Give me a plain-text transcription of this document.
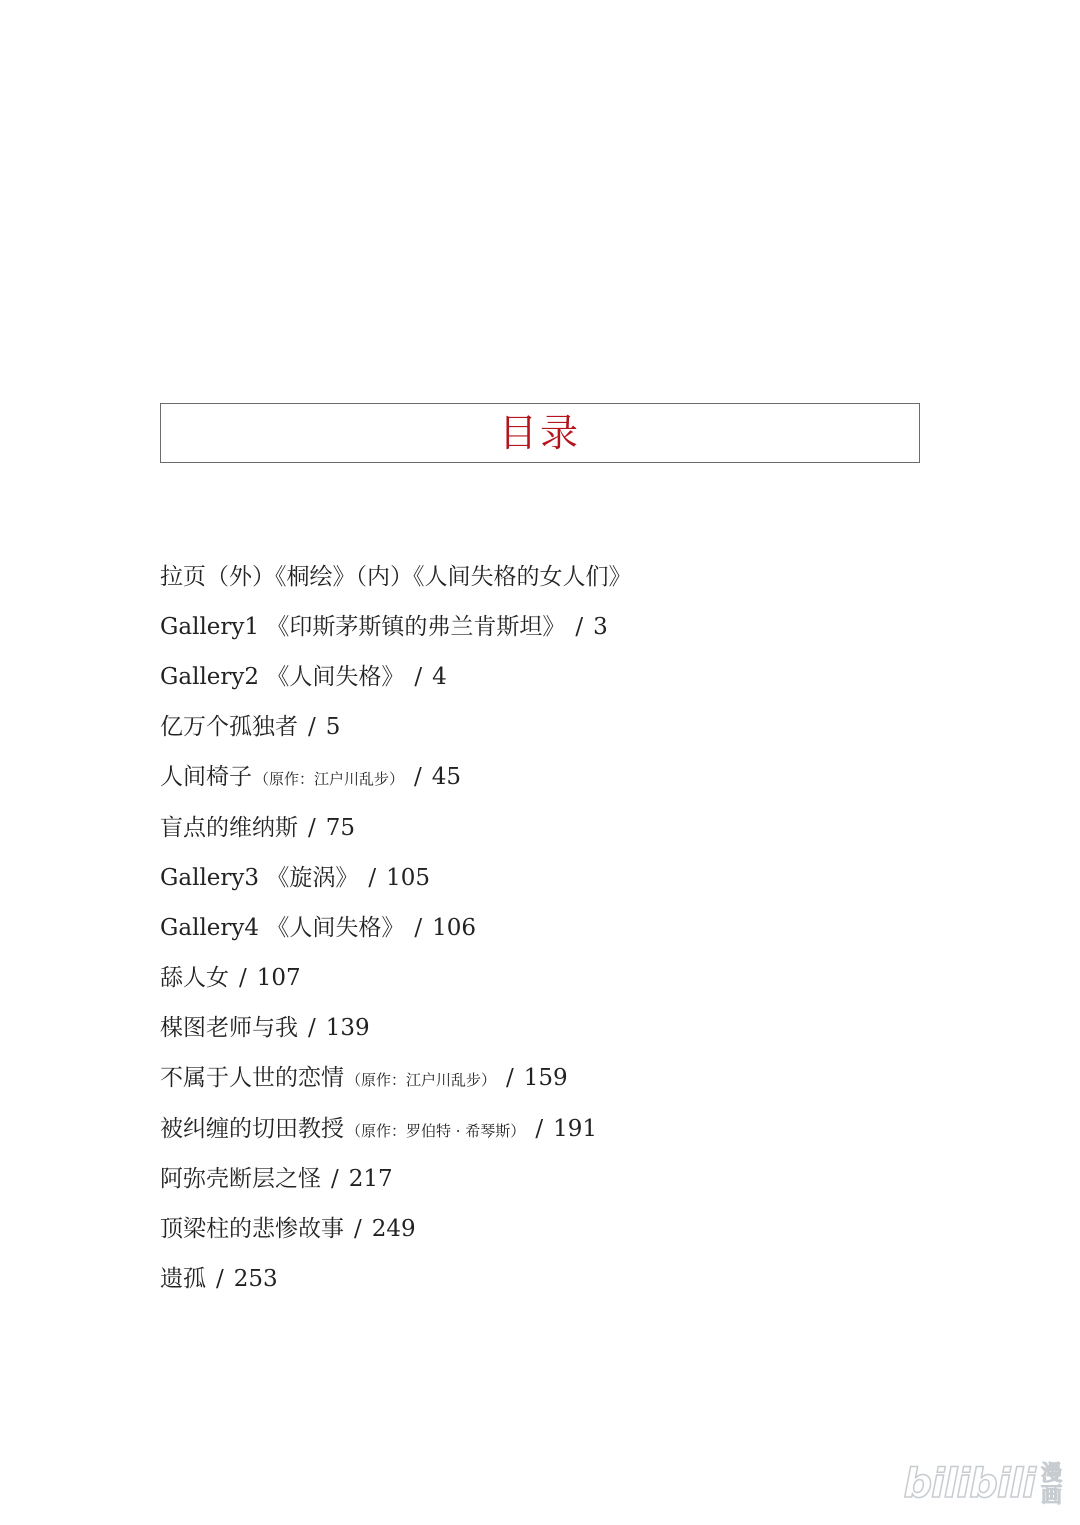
目录
拉页（外）《桐绘》（内）《人间失格的女人们》
Gallery1 《印斯茅斯镇的弗兰肯斯坦》 / 3
Gallery2 《人间失格》 / 4
亿万个孤独者 / 5
人间椅子 （原作：江户川乱步） / 45
盲点的维纳斯 / 75
Gallery3 《旋涡》 / 105
Gallery4 《人间失格》 / 106
舔人女 / 107
楳图老师与我 / 139
不属于人世的恋情 （原作：江户川乱步） / 159
被纠缠的切田教授 （原作：罗伯特 · 希琴斯） / 191
阿弥壳断层之怪 / 217
顶梁柱的悲惨故事 / 249
遗孤 / 253
bilibili 漫
画
